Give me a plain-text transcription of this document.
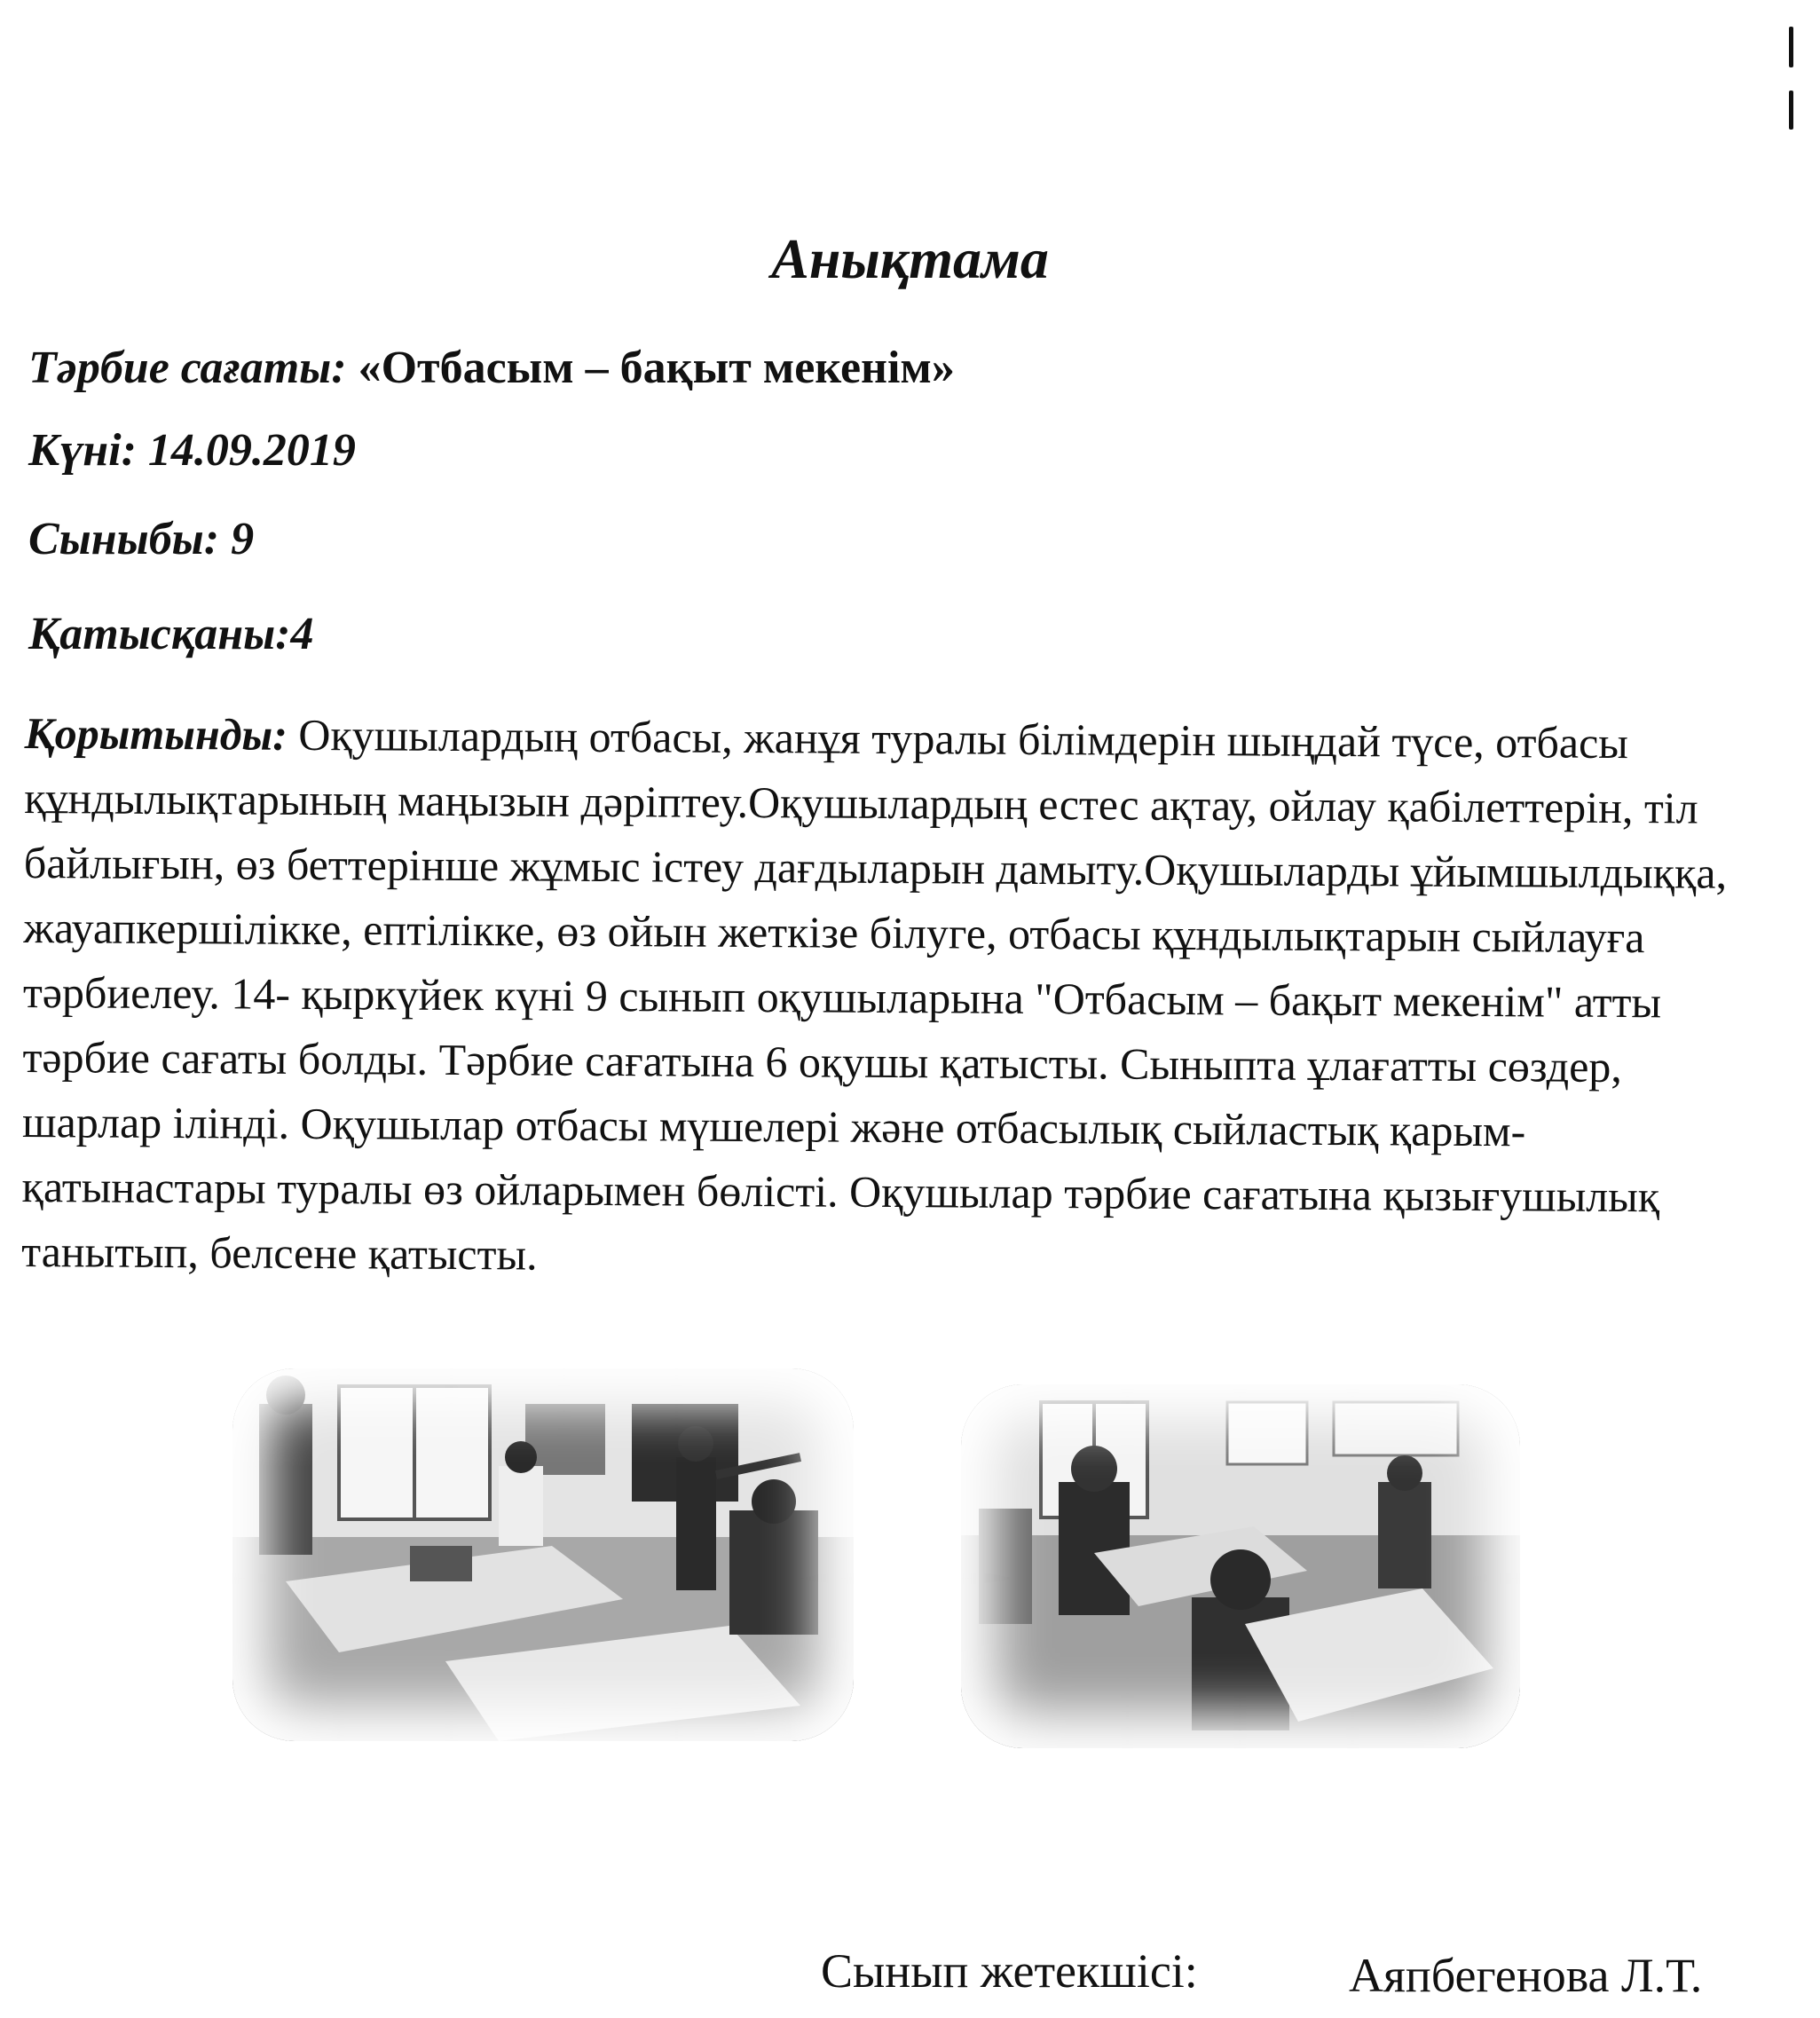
Анықтама
Тәрбие сағаты: «Отбасым – бақыт мекенім»
Күні: 14.09.2019
Сыныбы: 9
Қатысқаны:4
Қорытынды: Оқушылардың отбасы, жанұя туралы білімдерін шыңдай түсе, отбасы құндылықтарының маңызын дәріптеу.Оқушылардың естес ақтау, ойлау қабілеттерін, тіл байлығын, өз беттерінше жұмыс істеу дағдыларын дамыту.Оқушыларды ұйымшылдыққа, жауапкершілікке, ептілікке, өз ойын жеткізе білуге, отбасы құндылықтарын сыйлауға тәрбиелеу. 14- қыркүйек күні 9 сынып оқушыларына "Отбасым – бақыт мекенім" атты тәрбие сағаты болды. Тәрбие сағатына 6 оқушы қатысты. Сыныпта ұлағатты сөздер, шарлар ілінді. Оқушылар отбасы мүшелері және отбасылық сыйластық қарым-қатынастары туралы өз ойларымен бөлісті. Оқушылар тәрбие сағатына қызығушылық танытып, белсене қатысты.
Сынып жетекшісі:	Аяпбегенова Л.Т.
